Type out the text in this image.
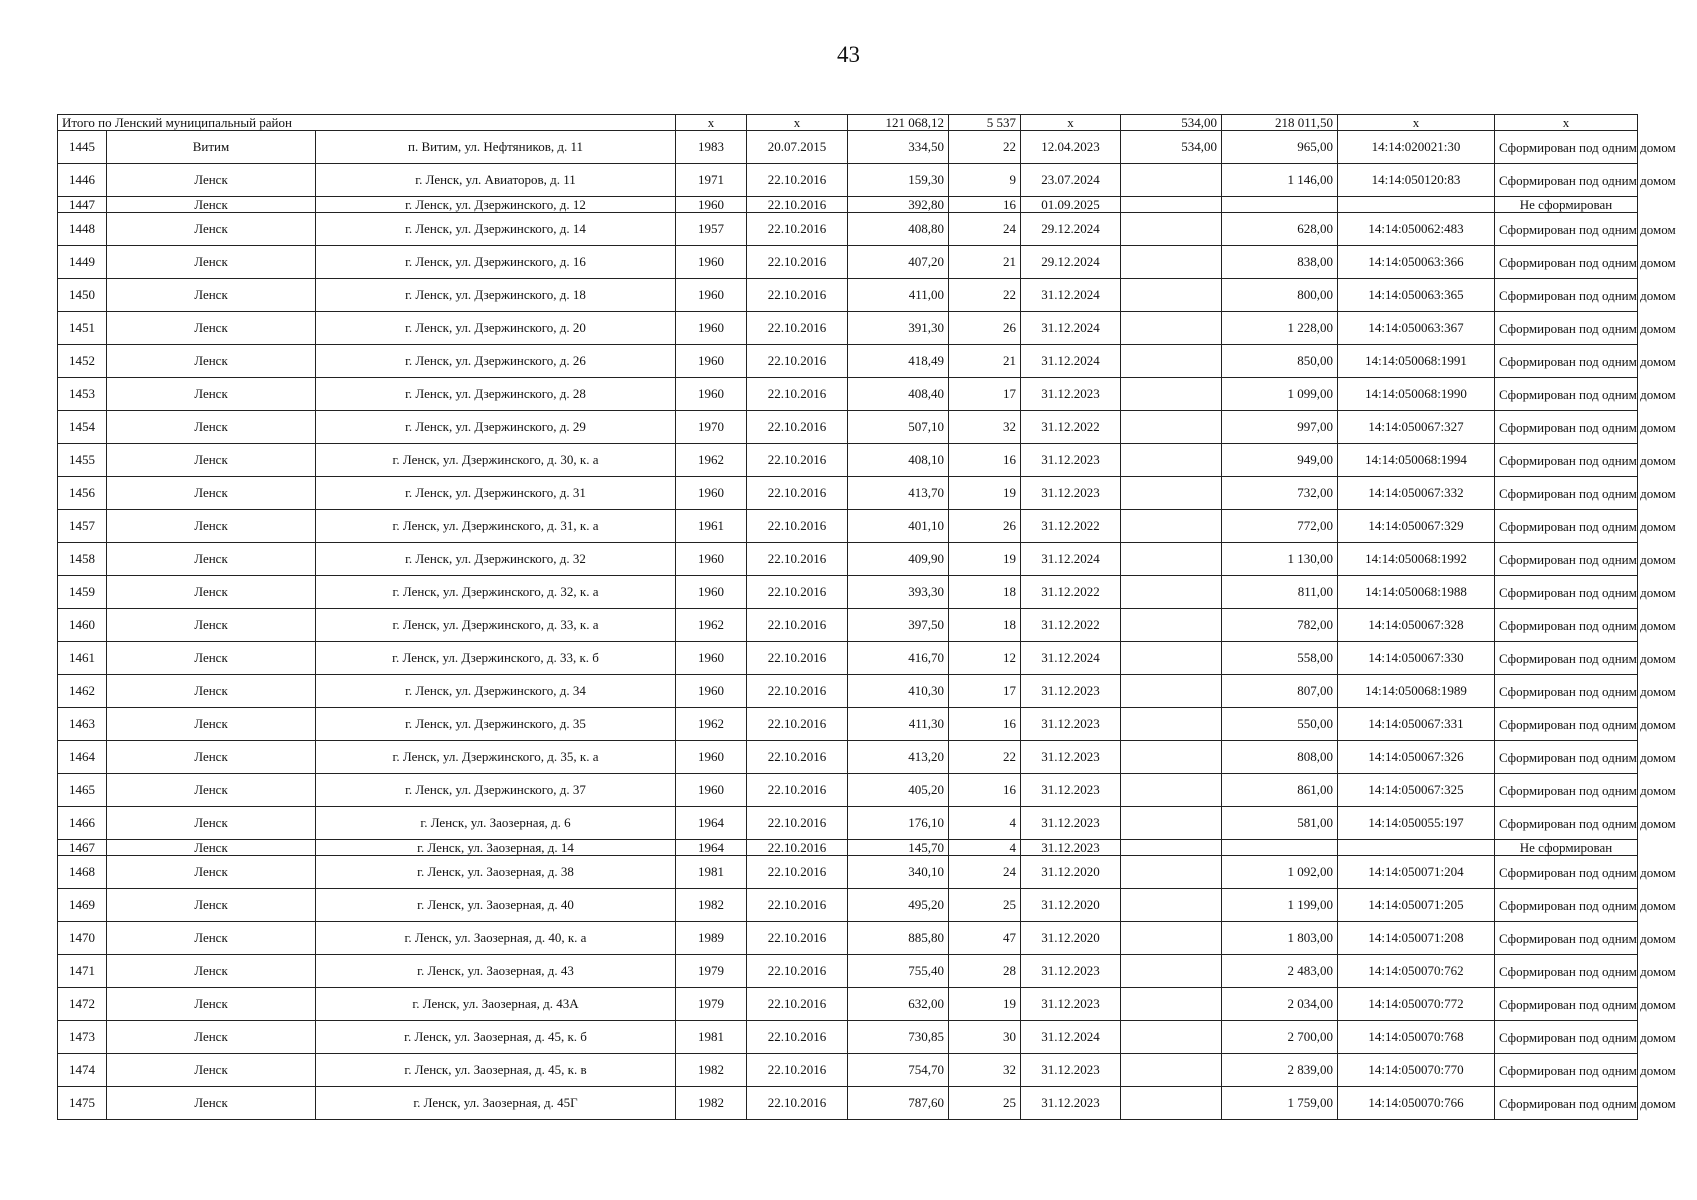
43
Итого по Ленский муниципальный район			x	x	121 068,12	5 537	x	534,00	218 011,50	x	x
1445	Витим	п. Витим, ул. Нефтяников, д. 11	1983	20.07.2015	334,50	22	12.04.2023	534,00	965,00	14:14:020021:30	Сформирован под одним домом
1446	Ленск	г. Ленск, ул. Авиаторов, д. 11	1971	22.10.2016	159,30	9	23.07.2024		1 146,00	14:14:050120:83	Сформирован под одним домом
1447	Ленск	г. Ленск, ул. Дзержинского, д. 12	1960	22.10.2016	392,80	16	01.09.2025				Не сформирован
1448	Ленск	г. Ленск, ул. Дзержинского, д. 14	1957	22.10.2016	408,80	24	29.12.2024		628,00	14:14:050062:483	Сформирован под одним домом
1449	Ленск	г. Ленск, ул. Дзержинского, д. 16	1960	22.10.2016	407,20	21	29.12.2024		838,00	14:14:050063:366	Сформирован под одним домом
1450	Ленск	г. Ленск, ул. Дзержинского, д. 18	1960	22.10.2016	411,00	22	31.12.2024		800,00	14:14:050063:365	Сформирован под одним домом
1451	Ленск	г. Ленск, ул. Дзержинского, д. 20	1960	22.10.2016	391,30	26	31.12.2024		1 228,00	14:14:050063:367	Сформирован под одним домом
1452	Ленск	г. Ленск, ул. Дзержинского, д. 26	1960	22.10.2016	418,49	21	31.12.2024		850,00	14:14:050068:1991	Сформирован под одним домом
1453	Ленск	г. Ленск, ул. Дзержинского, д. 28	1960	22.10.2016	408,40	17	31.12.2023		1 099,00	14:14:050068:1990	Сформирован под одним домом
1454	Ленск	г. Ленск, ул. Дзержинского, д. 29	1970	22.10.2016	507,10	32	31.12.2022		997,00	14:14:050067:327	Сформирован под одним домом
1455	Ленск	г. Ленск, ул. Дзержинского, д. 30, к. а	1962	22.10.2016	408,10	16	31.12.2023		949,00	14:14:050068:1994	Сформирован под одним домом
1456	Ленск	г. Ленск, ул. Дзержинского, д. 31	1960	22.10.2016	413,70	19	31.12.2023		732,00	14:14:050067:332	Сформирован под одним домом
1457	Ленск	г. Ленск, ул. Дзержинского, д. 31, к. а	1961	22.10.2016	401,10	26	31.12.2022		772,00	14:14:050067:329	Сформирован под одним домом
1458	Ленск	г. Ленск, ул. Дзержинского, д. 32	1960	22.10.2016	409,90	19	31.12.2024		1 130,00	14:14:050068:1992	Сформирован под одним домом
1459	Ленск	г. Ленск, ул. Дзержинского, д. 32, к. а	1960	22.10.2016	393,30	18	31.12.2022		811,00	14:14:050068:1988	Сформирован под одним домом
1460	Ленск	г. Ленск, ул. Дзержинского, д. 33, к. а	1962	22.10.2016	397,50	18	31.12.2022		782,00	14:14:050067:328	Сформирован под одним домом
1461	Ленск	г. Ленск, ул. Дзержинского, д. 33, к. б	1960	22.10.2016	416,70	12	31.12.2024		558,00	14:14:050067:330	Сформирован под одним домом
1462	Ленск	г. Ленск, ул. Дзержинского, д. 34	1960	22.10.2016	410,30	17	31.12.2023		807,00	14:14:050068:1989	Сформирован под одним домом
1463	Ленск	г. Ленск, ул. Дзержинского, д. 35	1962	22.10.2016	411,30	16	31.12.2023		550,00	14:14:050067:331	Сформирован под одним домом
1464	Ленск	г. Ленск, ул. Дзержинского, д. 35, к. а	1960	22.10.2016	413,20	22	31.12.2023		808,00	14:14:050067:326	Сформирован под одним домом
1465	Ленск	г. Ленск, ул. Дзержинского, д. 37	1960	22.10.2016	405,20	16	31.12.2023		861,00	14:14:050067:325	Сформирован под одним домом
1466	Ленск	г. Ленск, ул. Заозерная, д. 6	1964	22.10.2016	176,10	4	31.12.2023		581,00	14:14:050055:197	Сформирован под одним домом
1467	Ленск	г. Ленск, ул. Заозерная, д. 14	1964	22.10.2016	145,70	4	31.12.2023				Не сформирован
1468	Ленск	г. Ленск, ул. Заозерная, д. 38	1981	22.10.2016	340,10	24	31.12.2020		1 092,00	14:14:050071:204	Сформирован под одним домом
1469	Ленск	г. Ленск, ул. Заозерная, д. 40	1982	22.10.2016	495,20	25	31.12.2020		1 199,00	14:14:050071:205	Сформирован под одним домом
1470	Ленск	г. Ленск, ул. Заозерная, д. 40, к. а	1989	22.10.2016	885,80	47	31.12.2020		1 803,00	14:14:050071:208	Сформирован под одним домом
1471	Ленск	г. Ленск, ул. Заозерная, д. 43	1979	22.10.2016	755,40	28	31.12.2023		2 483,00	14:14:050070:762	Сформирован под одним домом
1472	Ленск	г. Ленск, ул. Заозерная, д. 43А	1979	22.10.2016	632,00	19	31.12.2023		2 034,00	14:14:050070:772	Сформирован под одним домом
1473	Ленск	г. Ленск, ул. Заозерная, д. 45, к. б	1981	22.10.2016	730,85	30	31.12.2024		2 700,00	14:14:050070:768	Сформирован под одним домом
1474	Ленск	г. Ленск, ул. Заозерная, д. 45, к. в	1982	22.10.2016	754,70	32	31.12.2023		2 839,00	14:14:050070:770	Сформирован под одним домом
1475	Ленск	г. Ленск, ул. Заозерная, д. 45Г	1982	22.10.2016	787,60	25	31.12.2023		1 759,00	14:14:050070:766	Сформирован под одним домом
